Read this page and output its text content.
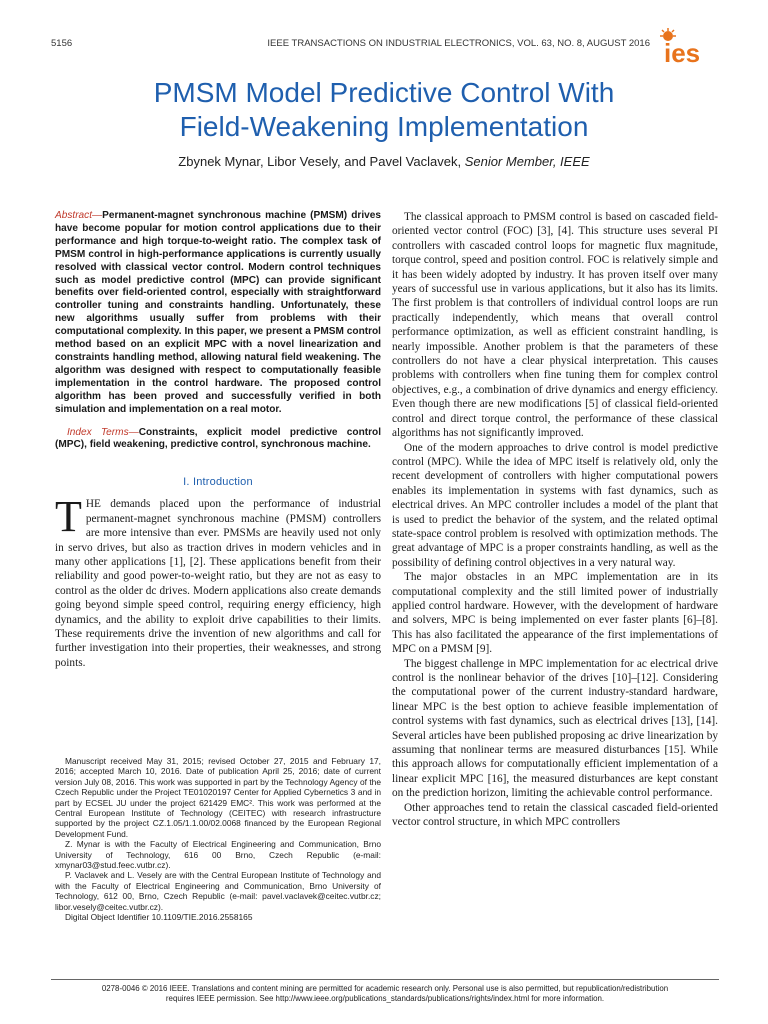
5156	IEEE TRANSACTIONS ON INDUSTRIAL ELECTRONICS, VOL. 63, NO. 8, AUGUST 2016 ies
PMSM Model Predictive Control With
Field-Weakening Implementation
Zbynek Mynar, Libor Vesely, and Pavel Vaclavek, Senior Member, IEEE

Abstract—Permanent-magnet synchronous machine (PMSM) drives have become popular for motion control applications due to their performance and high torque-to-weight ratio. The complex task of PMSM control in high-performance applications is currently usually resolved with classical vector control. Modern control techniques such as model predictive control (MPC) can provide significant benefits over field-oriented control, especially with straightforward controller tuning and constraints handling. Unfortunately, these new algorithms usually suffer from problems with their computational complexity. In this paper, we present a PMSM control method based on an explicit MPC with a novel linearization and constraints handling method, allowing natural field weakening. The algorithm was designed with respect to computationally feasible implementation in the control hardware. The proposed control algorithm has been proved and successfully verified in both simulation and implementation on a real motor.

Index Terms—Constraints, explicit model predictive control (MPC), field weakening, predictive control, synchronous machine.

I. Introduction

THE demands placed upon the performance of industrial permanent-magnet synchronous machine (PMSM) controllers are more intensive than ever. PMSMs are heavily used not only in servo drives, but also as traction drives in modern vehicles and in many other applications [1], [2]. These applications benefit from their reliability and good power-to-weight ratio, but they are not as easy to control as the older dc drives. Modern applications also create demands going beyond simple speed control, requiring energy efficiency, high dynamics, and the ability to exploit drive capabilities to their limits. These requirements drive the invention of new algorithms and call for further investigation into their properties, their weaknesses, and strong points.

Manuscript received May 31, 2015; revised October 27, 2015 and February 17, 2016; accepted March 10, 2016. Date of publication April 25, 2016; date of current version July 08, 2016. This work was supported in part by the Technology Agency of the Czech Republic under the Project TE01020197 Center for Applied Cybernetics 3 and in part by ECSEL JU under the project 621429 EMC². This work was performed at the Central European Institute of Technology (CEITEC) with research infrastructure supported by the project CZ.1.05/1.1.00/02.0068 financed by the European Regional Development Fund.

Z. Mynar is with the Faculty of Electrical Engineering and Communication, Brno University of Technology, 616 00 Brno, Czech Republic (e-mail: xmynar03@stud.feec.vutbr.cz).

P. Vaclavek and L. Vesely are with the Central European Institute of Technology and with the Faculty of Electrical Engineering and Communication, Brno University of Technology, 612 00, Brno, Czech Republic (e-mail: pavel.vaclavek@ceitec.vutbr.cz; libor.vesely@ceitec.vutbr.cz).

Digital Object Identifier 10.1109/TIE.2016.2558165

The classical approach to PMSM control is based on cascaded field-oriented vector control (FOC) [3], [4]. This structure uses several PI controllers with cascaded control loops for magnetic flux magnitude, torque control, speed and position control. FOC is relatively simple and it has been widely adopted by industry. It has proven itself over many years of successful use in various applications, but it also has its limits. The first problem is that controllers of individual control loops are run practically independently, which means that overall control performance optimization, as well as efficient constraint handling, is nearly impossible. Another problem is that the parameters of these controllers do not have a clear physical interpretation. This causes problems with controllers when fine tuning them for complex control objectives, e.g., a combination of drive dynamics and energy efficiency. Even though there are new modifications [5] of classical field-oriented control and direct torque control, the performance of these classical algorithms has not significantly improved.

One of the modern approaches to drive control is model predictive control (MPC). While the idea of MPC itself is relatively old, only the recent development of controllers with higher computational powers enables its implementation in systems with fast dynamics, such as electrical drives. An MPC controller includes a model of the plant that is used to predict the behavior of the system, and the related optimal state-space control problem is resolved with optimization methods. The great advantage of MPC is a proper constraints handling, as well as the possibility of defining control objectives in a very natural way.

The major obstacles in an MPC implementation are in its computational complexity and the still limited power of industrially applied control hardware. However, with the development of hardware and solvers, MPC is being implemented on ever faster plants [6]–[8]. This has also facilitated the appearance of the first implementations of MPC on a PMSM [9].

The biggest challenge in MPC implementation for ac electrical drive control is the nonlinear behavior of the drives [10]–[12]. Considering the computational power of the current industry-standard hardware, linear MPC is the best option to achieve feasible implementation of control systems with fast dynamics, such as electrical drives [13], [14]. Several articles have been published proposing ac drive linearization by assuming that nonlinear terms are measured disturbances [15]. While this approach allows for computationally efficient implementation of a linear explicit MPC [16], the measured disturbances are kept constant on the prediction horizon, limiting the achievable control performance.

Other approaches tend to retain the classical cascaded field-oriented vector control structure, in which MPC controllers

0278-0046 © 2016 IEEE. Translations and content mining are permitted for academic research only. Personal use is also permitted, but republication/redistribution
requires IEEE permission. See http://www.ieee.org/publications_standards/publications/rights/index.html for more information.
